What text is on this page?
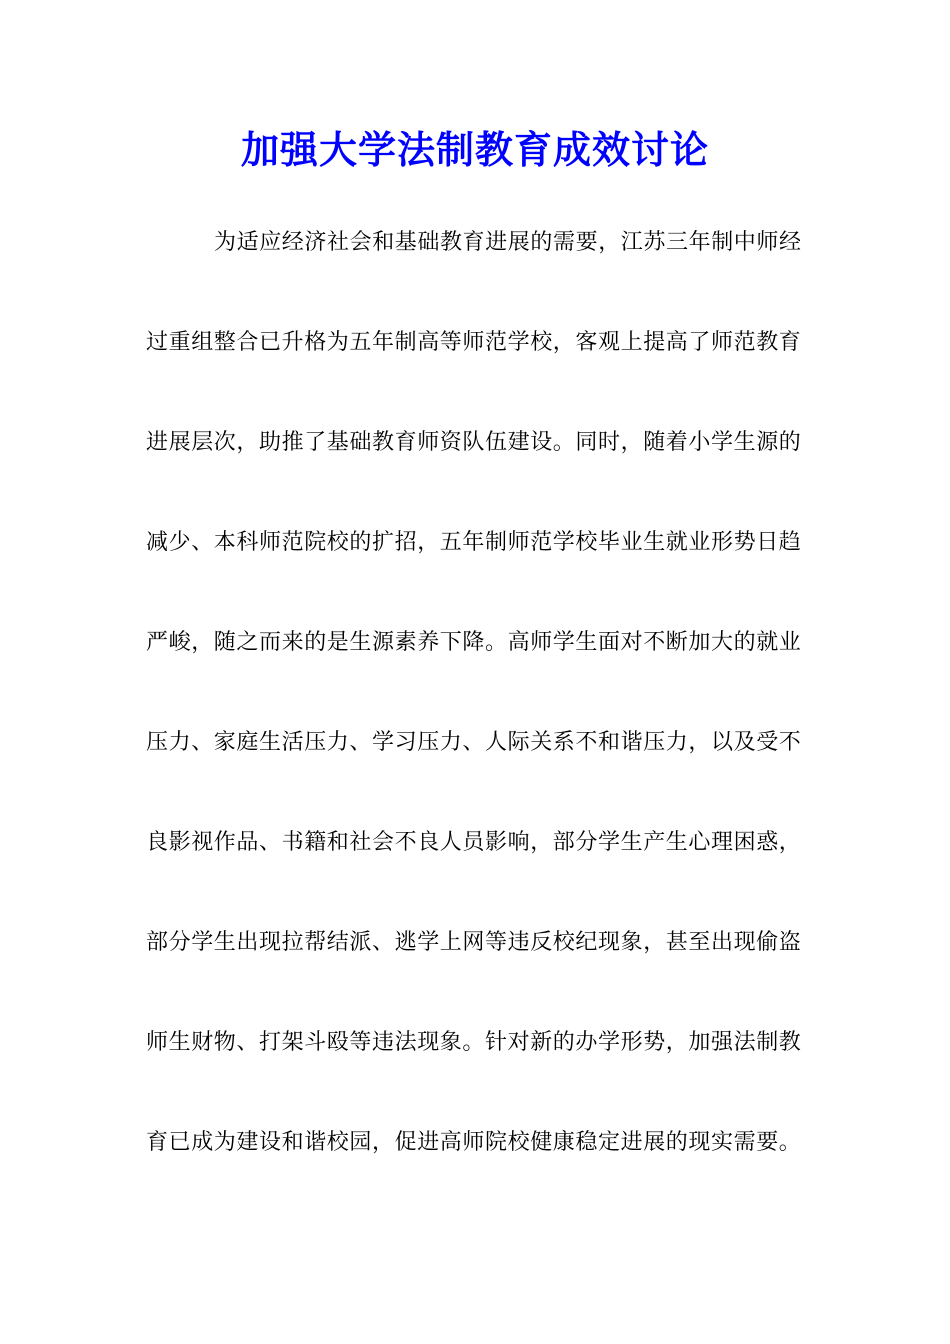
加强大学法制教育成效讨论
为适应经济社会和基础教育进展的需要，江苏三年制中师经
过重组整合已升格为五年制高等师范学校，客观上提高了师范教育
进展层次，助推了基础教育师资队伍建设。同时，随着小学生源的
减少、本科师范院校的扩招，五年制师范学校毕业生就业形势日趋
严峻，随之而来的是生源素养下降。高师学生面对不断加大的就业
压力、家庭生活压力、学习压力、人际关系不和谐压力，以及受不
良影视作品、书籍和社会不良人员影响，部分学生产生心理困惑，
部分学生出现拉帮结派、逃学上网等违反校纪现象，甚至出现偷盗
师生财物、打架斗殴等违法现象。针对新的办学形势，加强法制教
育已成为建设和谐校园，促进高师院校健康稳定进展的现实需要。
